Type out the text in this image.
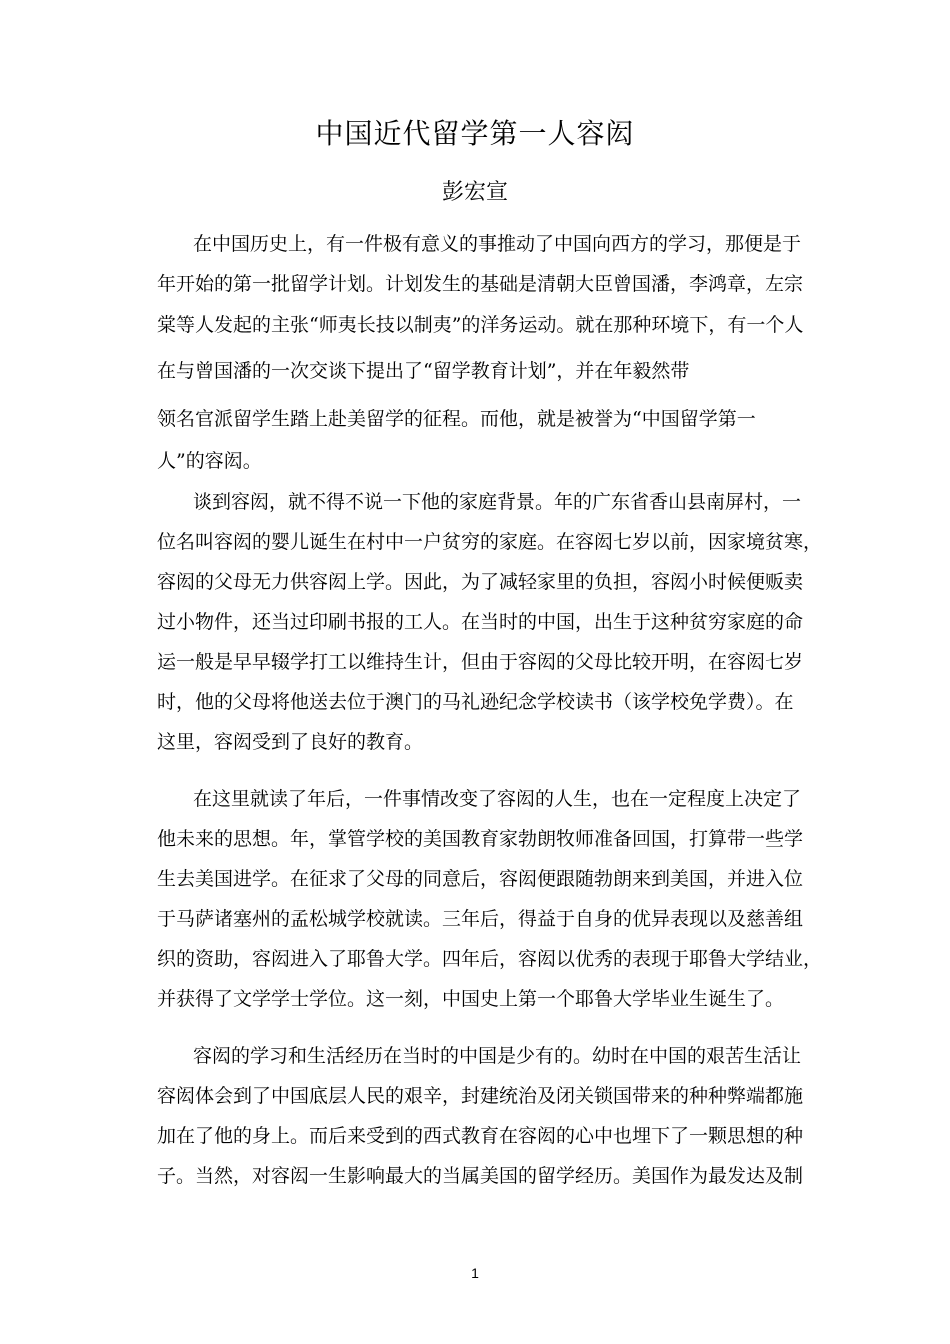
中国近代留学第一人容闳
彭宏宣
在中国历史上，有一件极有意义的事推动了中国向西方的学习，那便是于
年开始的第一批留学计划。计划发生的基础是清朝大臣曾国潘，李鸿章，左宗
棠等人发起的主张“师夷长技以制夷”的洋务运动。就在那种环境下，有一个人
在与曾国潘的一次交谈下提出了“留学教育计划”，并在年毅然带
领名官派留学生踏上赴美留学的征程。而他，就是被誉为“中国留学第一
人”的容闳。
谈到容闳，就不得不说一下他的家庭背景。年的广东省香山县南屏村，一
位名叫容闳的婴儿诞生在村中一户贫穷的家庭。在容闳七岁以前，因家境贫寒，
容闳的父母无力供容闳上学。因此，为了减轻家里的负担，容闳小时候便贩卖
过小物件，还当过印刷书报的工人。在当时的中国，出生于这种贫穷家庭的命
运一般是早早辍学打工以维持生计，但由于容闳的父母比较开明，在容闳七岁
时，他的父母将他送去位于澳门的马礼逊纪念学校读书（该学校免学费）。在
这里，容闳受到了良好的教育。
在这里就读了年后，一件事情改变了容闳的人生，也在一定程度上决定了
他未来的思想。年，掌管学校的美国教育家勃朗牧师准备回国，打算带一些学
生去美国进学。在征求了父母的同意后，容闳便跟随勃朗来到美国，并进入位
于马萨诸塞州的孟松城学校就读。三年后，得益于自身的优异表现以及慈善组
织的资助，容闳进入了耶鲁大学。四年后，容闳以优秀的表现于耶鲁大学结业，
并获得了文学学士学位。这一刻，中国史上第一个耶鲁大学毕业生诞生了。
容闳的学习和生活经历在当时的中国是少有的。幼时在中国的艰苦生活让
容闳体会到了中国底层人民的艰辛，封建统治及闭关锁国带来的种种弊端都施
加在了他的身上。而后来受到的西式教育在容闳的心中也埋下了一颗思想的种
子。当然，对容闳一生影响最大的当属美国的留学经历。美国作为最发达及制
1
